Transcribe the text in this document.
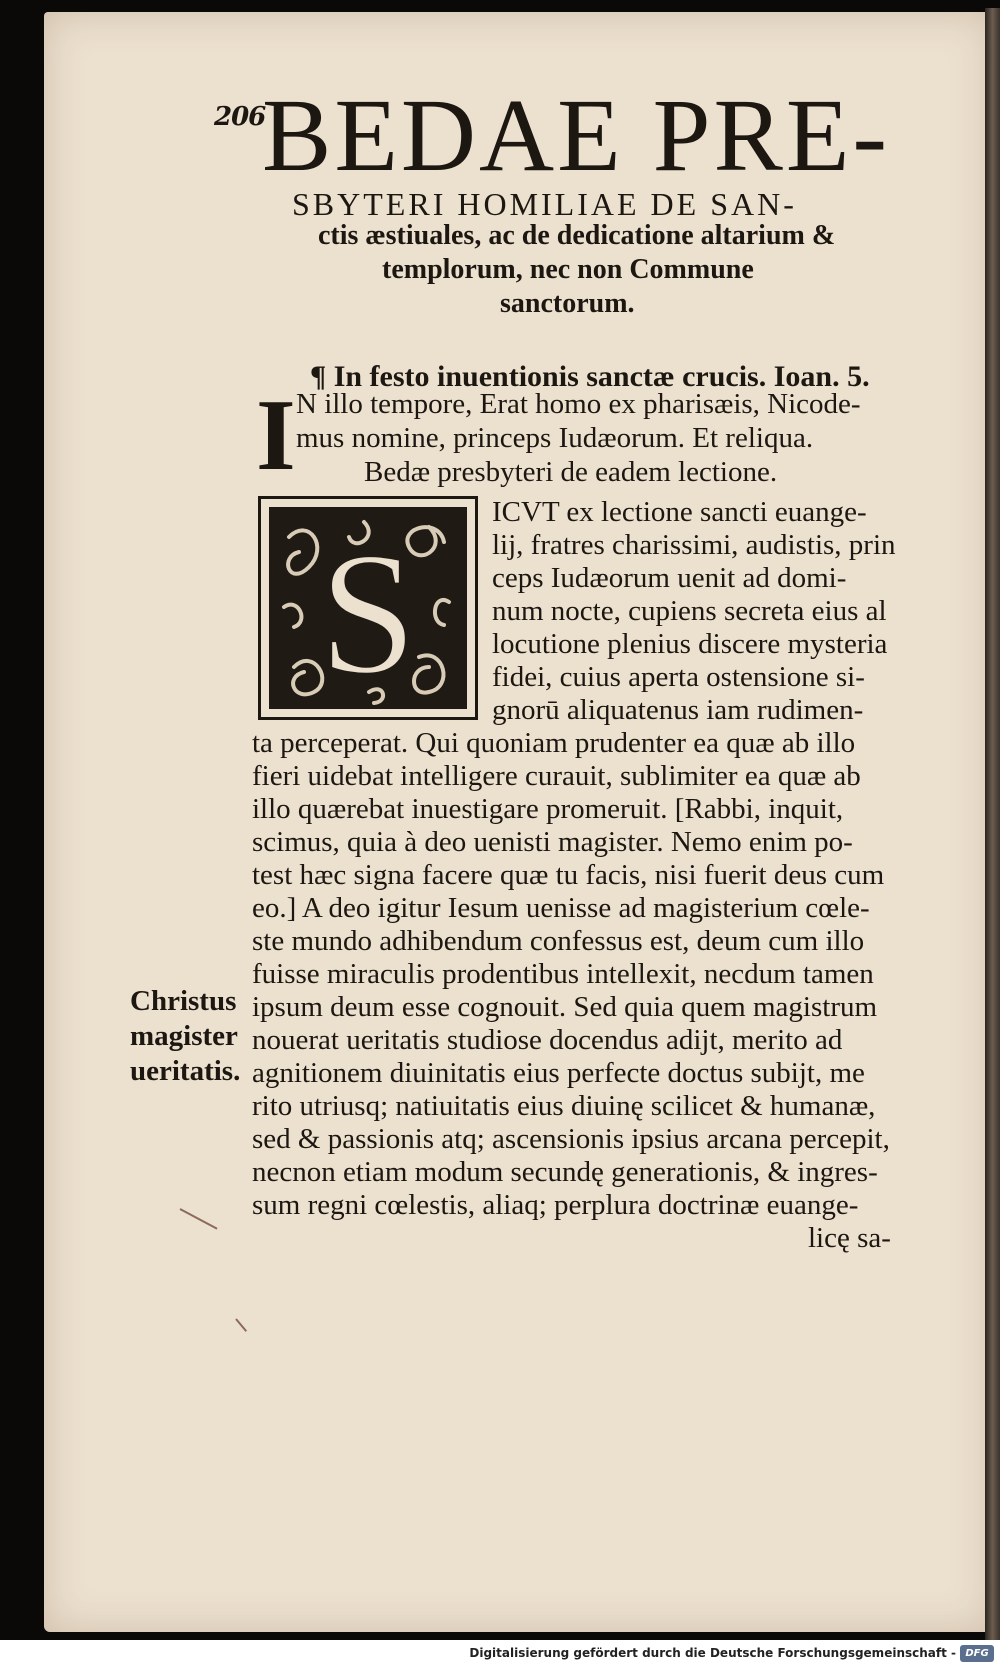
206
BEDAE PRE-
SBYTERI HOMILIAE DE SAN-
ctis æstiuales, ac de dedicatione altarium &
templorum, nec non Commune
sanctorum.
¶ In festo inuentionis sanctæ crucis. Ioan. 5.
I N illo tempore, Erat homo ex pharisæis, Nicode-
mus nomine, princeps Iudæorum. Et reliqua.
Bedæ presbyteri de eadem lectione.
S
ICVT ex lectione sancti euange-
lij, fratres charissimi, audistis, prin
ceps Iudæorum uenit ad domi-
num nocte, cupiens secreta eius al
locutione plenius discere mysteria
fidei, cuius aperta ostensione si-
gnorū aliquatenus iam rudimen-
ta perceperat. Qui quoniam prudenter ea quæ ab illo
fieri uidebat intelligere curauit, sublimiter ea quæ ab
illo quærebat inuestigare promeruit. [Rabbi, inquit,
scimus, quia à deo uenisti magister. Nemo enim po-
test hæc signa facere quæ tu facis, nisi fuerit deus cum
eo.] A deo igitur Iesum uenisse ad magisterium cœle-
ste mundo adhibendum confessus est, deum cum illo
fuisse miraculis prodentibus intellexit, necdum tamen
ipsum deum esse cognouit. Sed quia quem magistrum
nouerat ueritatis studiose docendus adijt, merito ad
agnitionem diuinitatis eius perfecte doctus subijt, me
rito utriusq; natiuitatis eius diuinę scilicet & humanæ,
sed & passionis atq; ascensionis ipsius arcana percepit,
necnon etiam modum secundę generationis, & ingres-
sum regni cœlestis, aliaq; perplura doctrinæ euange-
licę sa-
Christus
magister
ueritatis.
Digitalisierung gefördert durch die Deutsche Forschungsgemeinschaft - DFG
